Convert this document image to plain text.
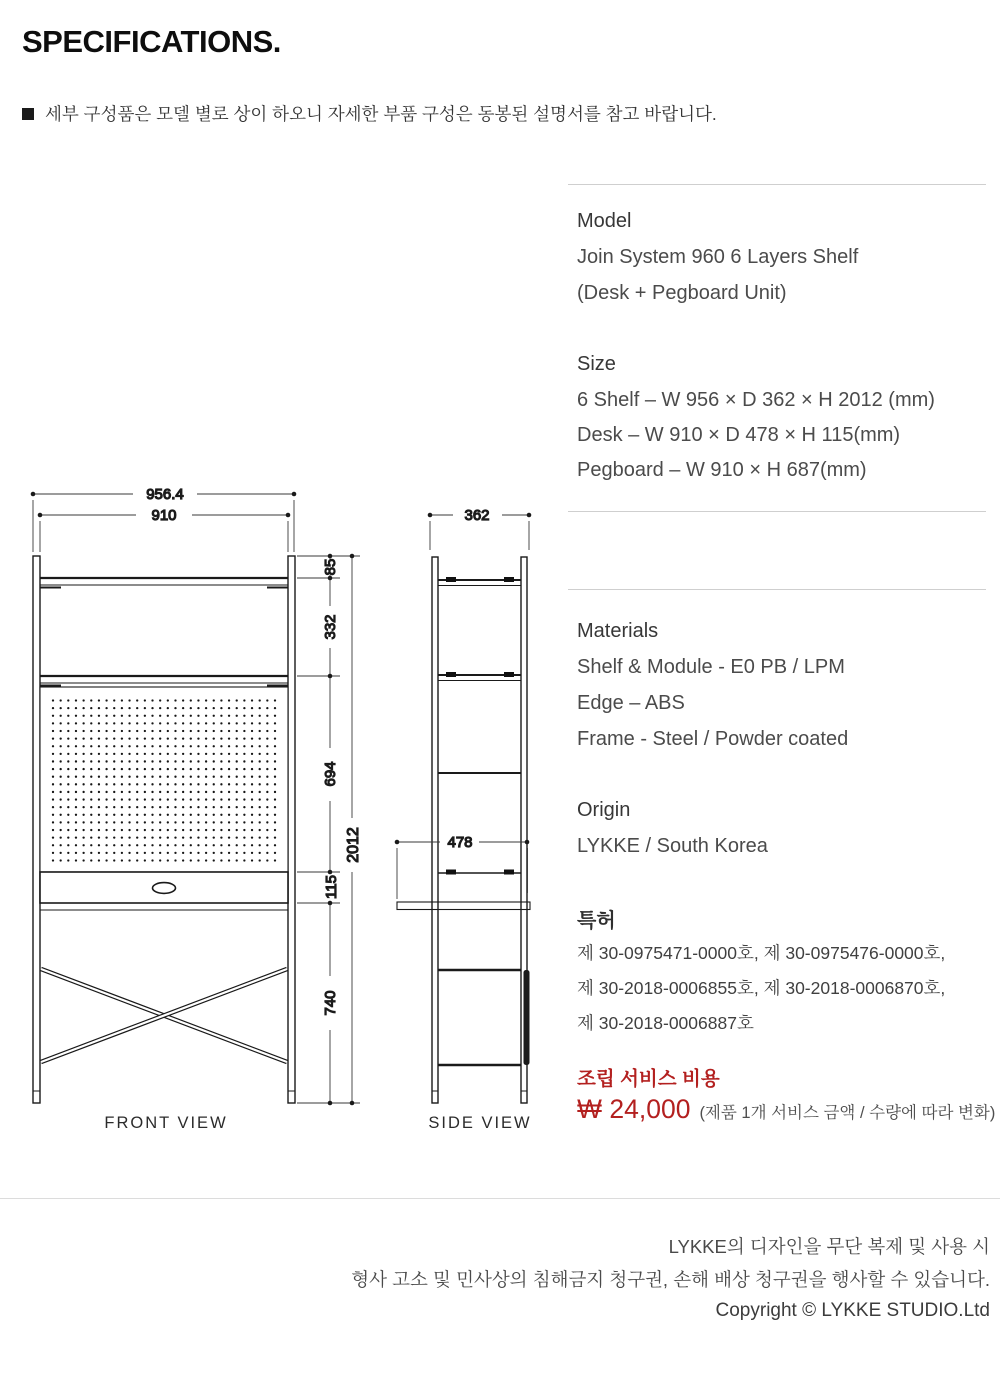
SPECIFICATIONS.
세부 구성품은 모델 별로 상이 하오니 자세한 부품 구성은 동봉된 설명서를 참고 바랍니다.
Model
Join System 960 6 Layers Shelf
(Desk + Pegboard Unit)
Size
6 Shelf – W 956 × D 362 × H 2012 (mm)
Desk – W 910 × D 478 × H 115(mm)
Pegboard – W 910 × H 687(mm)
Materials
Shelf & Module - E0 PB / LPM
Edge – ABS
Frame - Steel / Powder coated
Origin
LYKKE / South Korea
특허
제 30-0975471-0000호, 제 30-0975476-0000호,
제 30-2018-0006855호, 제 30-2018-0006870호,
제 30-2018-0006887호
조립 서비스 비용
₩ 24,000 (제품 1개 서비스 금액 / 수량에 따라 변화)
956.4
910
85
332
694
115
740
2012
FRONT VIEW
362
478
SIDE VIEW
LYKKE의 디자인을 무단 복제 및 사용 시
형사 고소 및 민사상의 침해금지 청구권, 손해 배상 청구권을 행사할 수 있습니다.
Copyright © LYKKE STUDIO.Ltd
